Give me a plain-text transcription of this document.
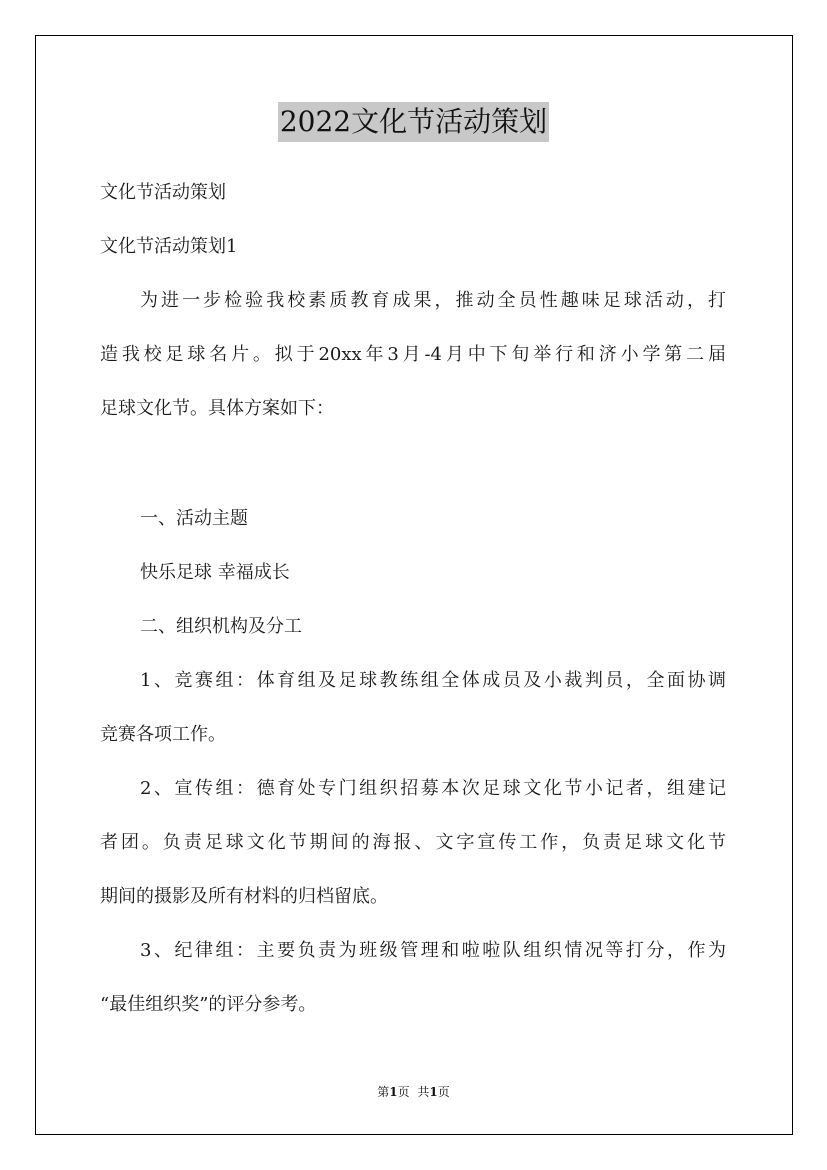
2022文化节活动策划
文化节活动策划
文化节活动策划1
为进一步检验我校素质教育成果，推动全员性趣味足球活动，打
造我校足球名片。拟于20xx年3月-4月中下旬举行和济小学第二届
足球文化节。具体方案如下：
一、活动主题
快乐足球 幸福成长
二、组织机构及分工
1、竞赛组：体育组及足球教练组全体成员及小裁判员，全面协调
竞赛各项工作。
2、宣传组：德育处专门组织招募本次足球文化节小记者，组建记
者团。负责足球文化节期间的海报、文字宣传工作，负责足球文化节
期间的摄影及所有材料的归档留底。
3、纪律组：主要负责为班级管理和啦啦队组织情况等打分，作为
“最佳组织奖”的评分参考。
第1页 共1页
